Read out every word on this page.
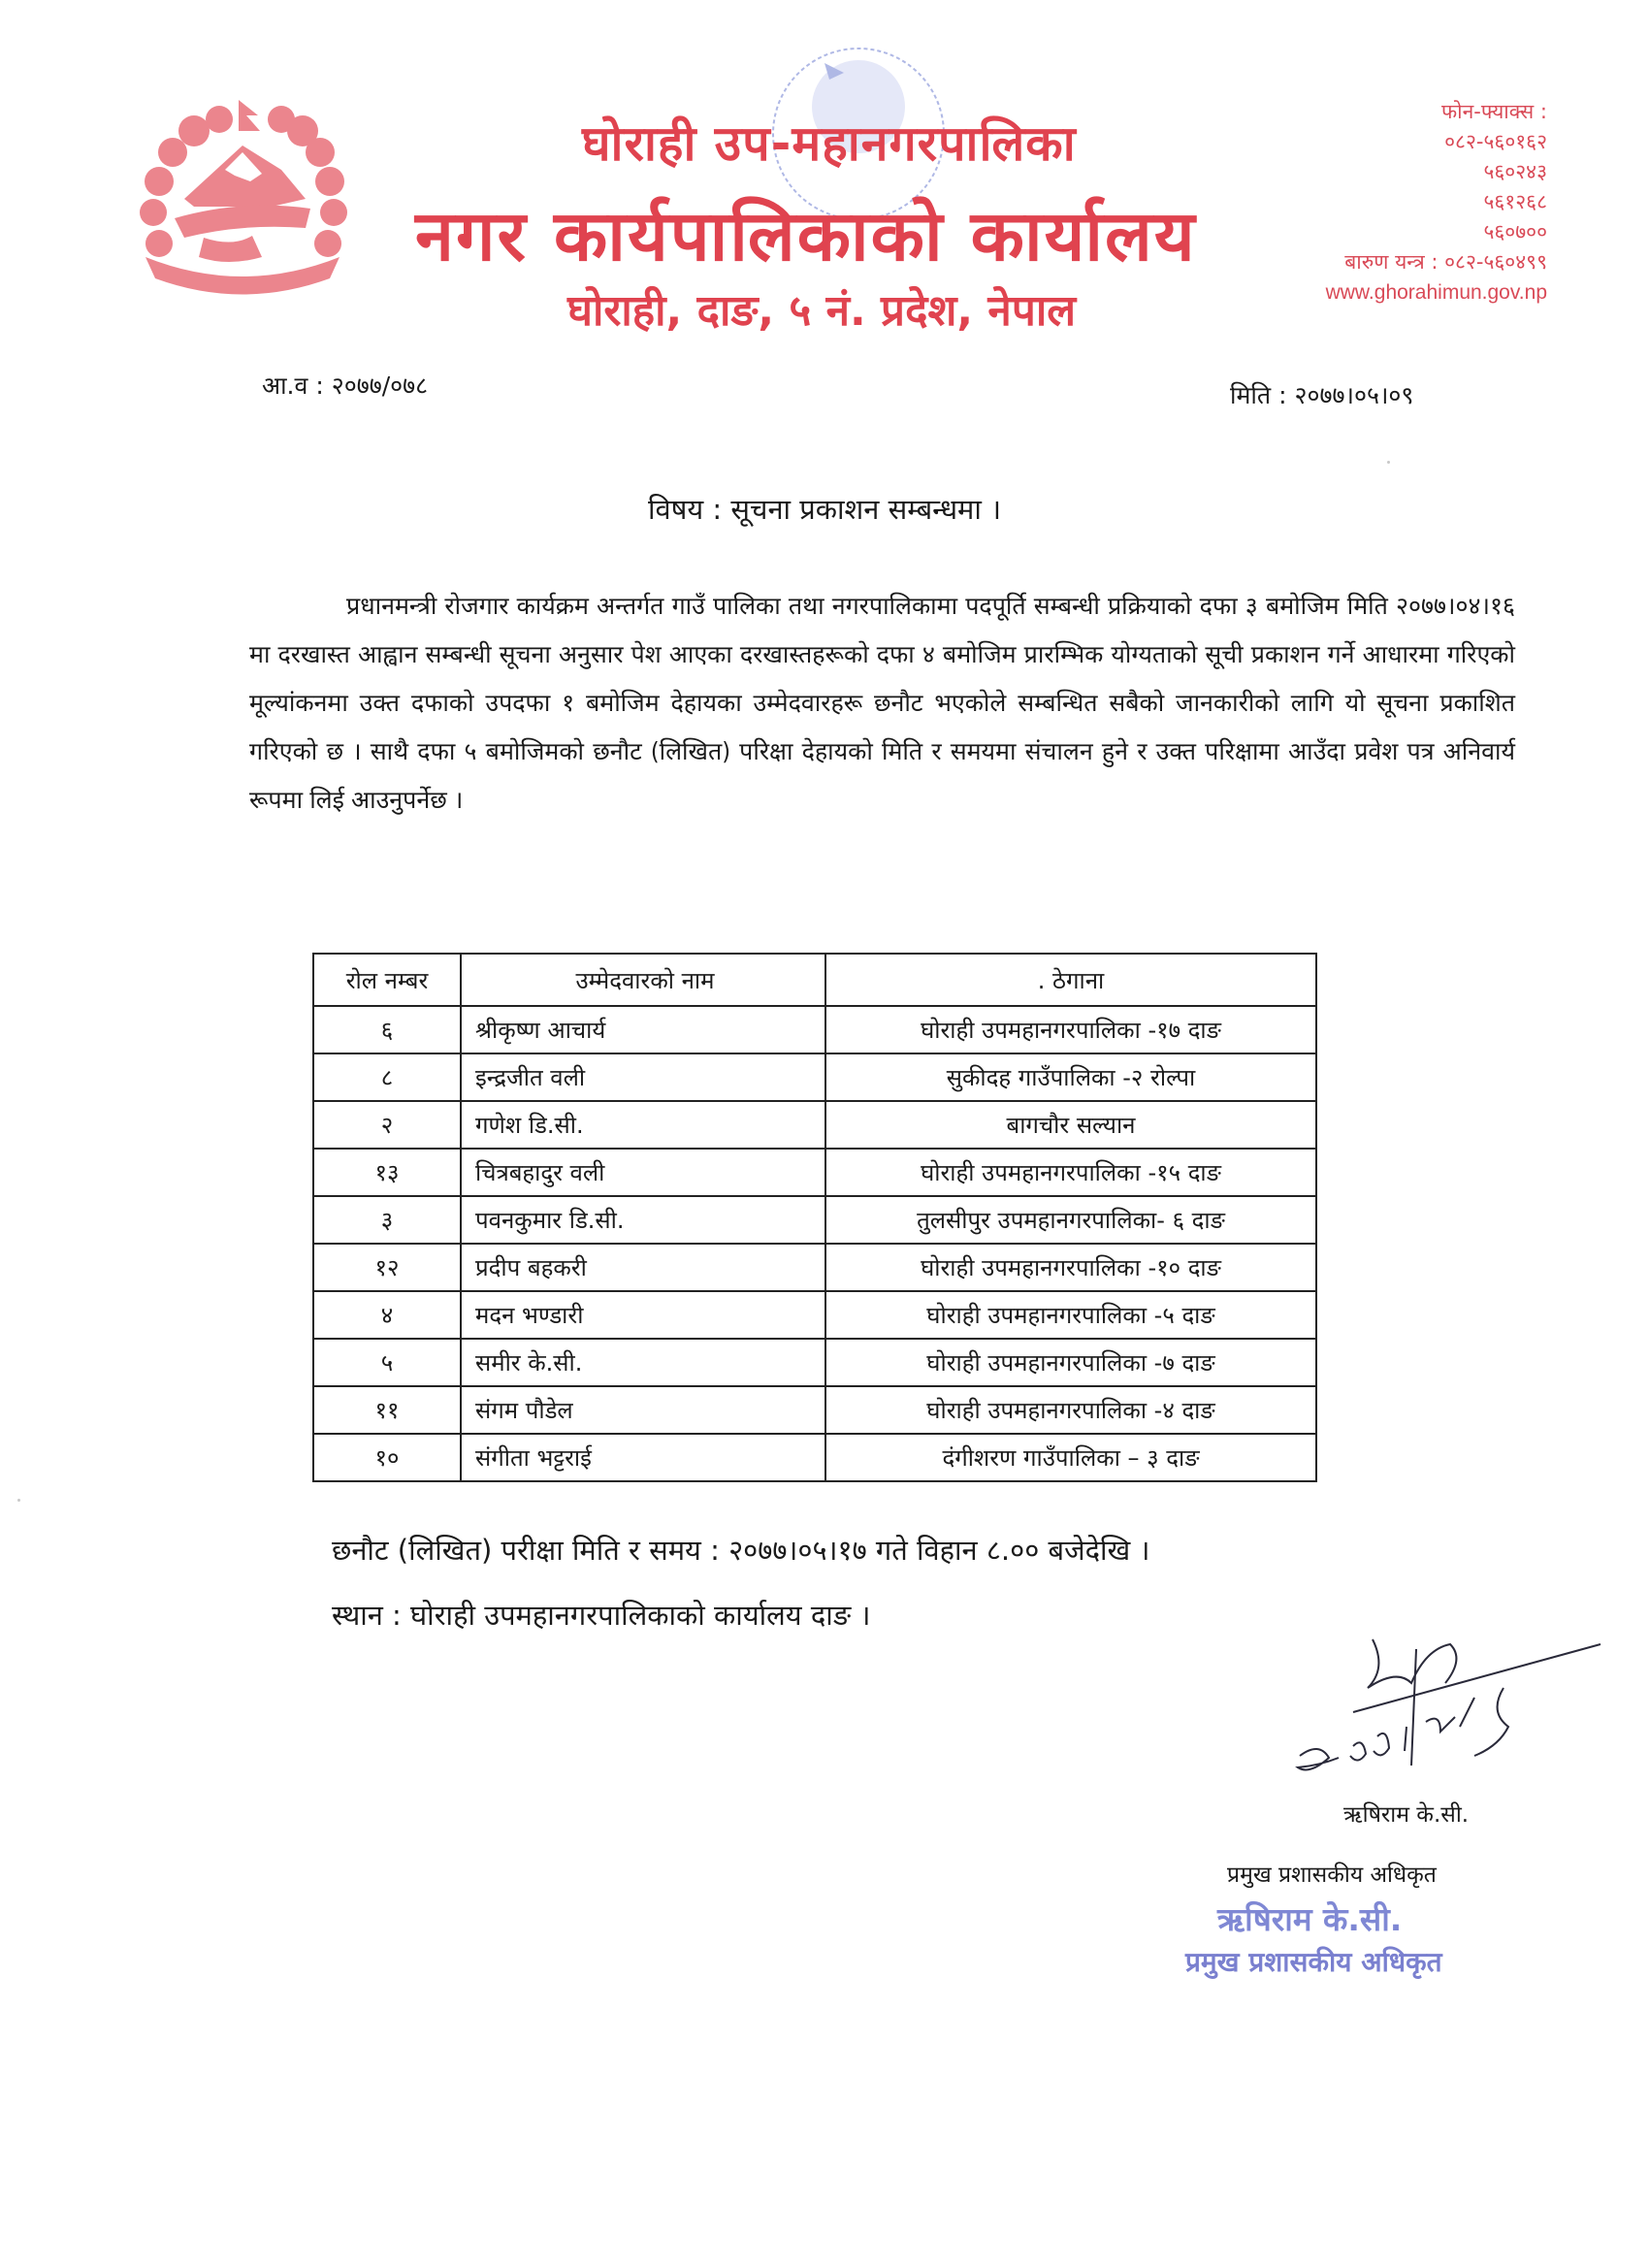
घोराही उप-महानगरपालिका
नगर कार्यपालिकाको कार्यालय
घोराही, दाङ, ५ नं. प्रदेश, नेपाल
फोन-फ्याक्स :
०८२-५६०१६२
५६०२४३
५६१२६८
५६०७००
बारुण यन्त्र : ०८२-५६०४९९
www.ghorahimun.gov.np
आ.व : २०७७/०७८	मिति : २०७७।०५।०९
विषय : सूचना प्रकाशन सम्बन्धमा ।
प्रधानमन्त्री रोजगार कार्यक्रम अन्तर्गत गाउँ पालिका तथा नगरपालिकामा पदपूर्ति सम्बन्धी प्रक्रियाको दफा ३ बमोजिम मिति २०७७।०४।१६ मा दरखास्त आह्वान सम्बन्धी सूचना अनुसार पेश आएका दरखास्तहरूको दफा ४ बमोजिम प्रारम्भिक योग्यताको सूची प्रकाशन गर्ने आधारमा गरिएको मूल्यांकनमा उक्त दफाको उपदफा १ बमोजिम देहायका उम्मेदवारहरू छनौट भएकोले सम्बन्धित सबैको जानकारीको लागि यो सूचना प्रकाशित गरिएको छ । साथै दफा ५ बमोजिमको छनौट (लिखित) परिक्षा देहायको मिति र समयमा संचालन हुने र उक्त परिक्षामा आउँदा प्रवेश पत्र अनिवार्य रूपमा लिई आउनुपर्नेछ ।
रोल नम्बर	उम्मेदवारको नाम	. ठेगाना
६	श्रीकृष्ण आचार्य	घोराही उपमहानगरपालिका -१७ दाङ
८	इन्द्रजीत वली	सुकीदह गाउँपालिका -२ रोल्पा
२	गणेश डि.सी.	बागचौर सल्यान
१३	चित्रबहादुर वली	घोराही उपमहानगरपालिका -१५ दाङ
३	पवनकुमार डि.सी.	तुलसीपुर उपमहानगरपालिका- ६ दाङ
१२	प्रदीप बहकरी	घोराही उपमहानगरपालिका -१० दाङ
४	मदन भण्डारी	घोराही उपमहानगरपालिका -५ दाङ
५	समीर के.सी.	घोराही उपमहानगरपालिका -७ दाङ
११	संगम पौडेल	घोराही उपमहानगरपालिका -४ दाङ
१०	संगीता भट्टराई	दंगीशरण गाउँपालिका – ३ दाङ
छनौट (लिखित) परीक्षा मिति र समय : २०७७।०५।१७ गते विहान ८.०० बजेदेखि ।
स्थान : घोराही उपमहानगरपालिकाको कार्यालय दाङ ।
ऋषिराम के.सी.
प्रमुख प्रशासकीय अधिकृत
ऋषिराम के.सी.
प्रमुख प्रशासकीय अधिकृत
